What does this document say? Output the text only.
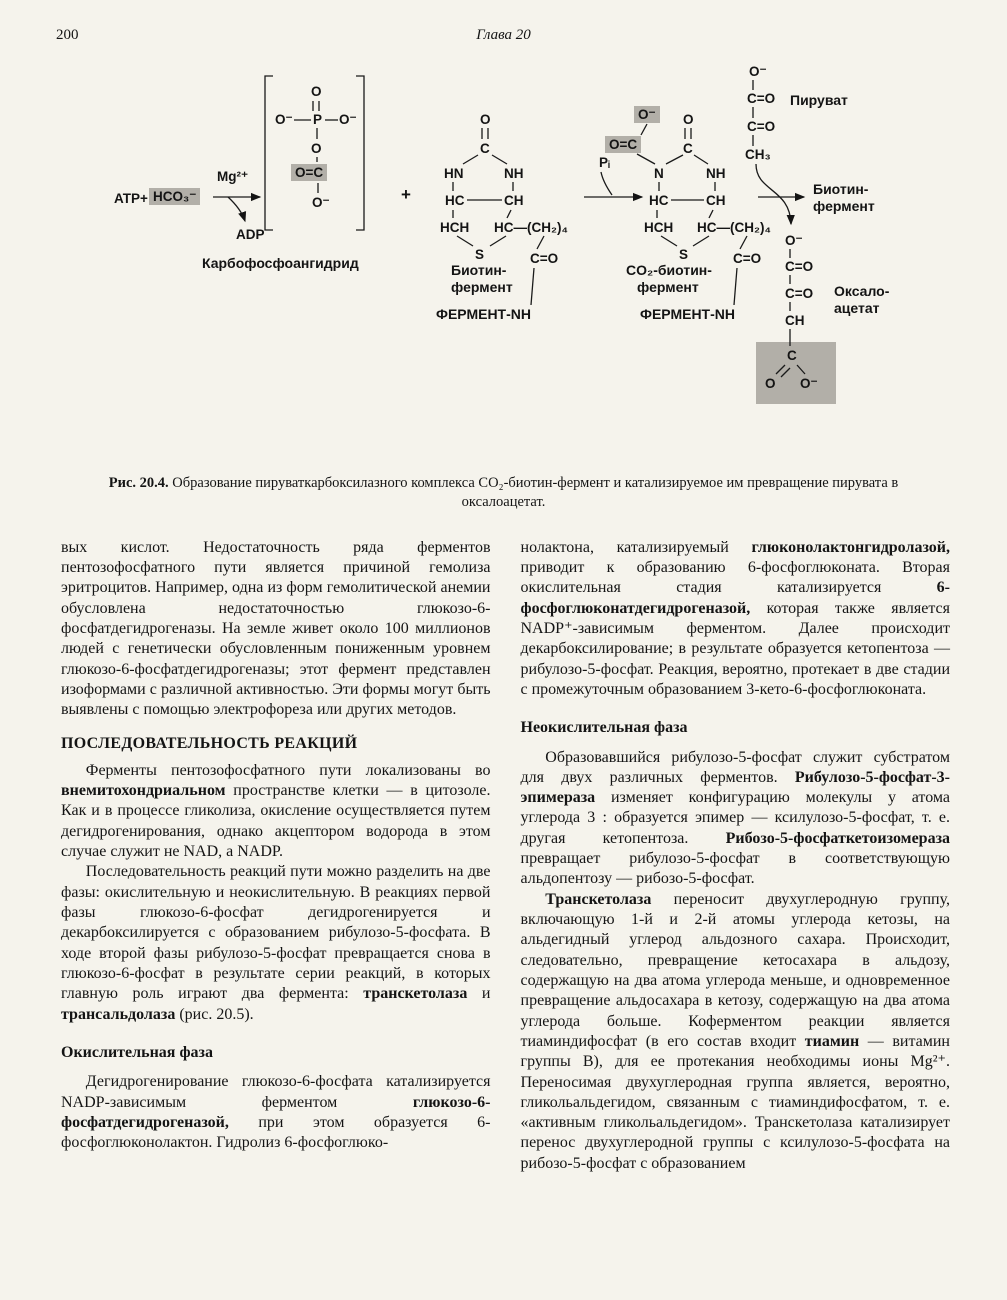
200	Глава 20
ATP+ HCO₃⁻
Mg²⁺
ADP
O
O⁻ P O⁻
O
O=C
O⁻
Карбофосфоангидрид
+
O
C
HN	NH
HC	CH
HCH HC—(CH₂)₄
S	C=O
Биотин-
фермент
ФЕРМЕНТ-NH
Pᵢ
O⁻ O
O=C	C
N	NH
HC	CH
HCH HC—(CH₂)₄
S	C=O
CO₂-биотин-
фермент
ФЕРМЕНТ-NH
O⁻
C=O Пируват
C=O
CH₃
Биотин-
фермент
O⁻
C=O
C=O Оксало-
ацетат
CH
C
O O⁻

Рис. 20.4. Образование пируваткарбоксилазного комплекса CO₂-биотин-фермент и катализируемое им превращение пирувата в оксалоацетат.

вых кислот. Недостаточность ряда ферментов пентозофосфатного пути является причиной гемолиза эритроцитов. Например, одна из форм гемолитической анемии обусловлена недостаточностью глюкозо-6-фосфатдегидрогеназы. На земле живет около 100 миллионов людей с генетически обусловленным пониженным уровнем глюкозо-6-фосфатдегидрогеназы; этот фермент представлен изоформами с различной активностью. Эти формы могут быть выявлены с помощью электрофореза или других методов.

ПОСЛЕДОВАТЕЛЬНОСТЬ РЕАКЦИЙ

Ферменты пентозофосфатного пути локализованы во внемитохондриальном пространстве клетки — в цитозоле. Как и в процессе гликолиза, окисление осуществляется путем дегидрогенирования, однако акцептором водорода в этом случае служит не NAD, а NADP.

Последовательность реакций пути можно разделить на две фазы: окислительную и неокислительную. В реакциях первой фазы глюкозо-6-фосфат дегидрогенируется и декарбоксилируется с образованием рибулозо-5-фосфата. В ходе второй фазы рибулозо-5-фосфат превращается снова в глюкозо-6-фосфат в результате серии реакций, в которых главную роль играют два фермента: транскетолаза и трансальдолаза (рис. 20.5).

Окислительная фаза

Дегидрогенирование глюкозо-6-фосфата катализируется NADP-зависимым ферментом глюкозо-6-фосфатдегидрогеназой, при этом образуется 6-фосфоглюконолактон. Гидролиз 6-фосфоглюко-

нолактона, катализируемый глюконолактонгидролазой, приводит к образованию 6-фосфоглюконата. Вторая окислительная стадия катализируется 6-фосфоглюконатдегидрогеназой, которая также является NADP⁺-зависимым ферментом. Далее происходит декарбоксилирование; в результате образуется кетопентоза — рибулозо-5-фосфат. Реакция, вероятно, протекает в две стадии с промежуточным образованием 3-кето-6-фосфоглюконата.

Неокислительная фаза

Образовавшийся рибулозо-5-фосфат служит субстратом для двух различных ферментов. Рибулозо-5-фосфат-3-эпимераза изменяет конфигурацию молекулы у атома углерода 3 : образуется эпимер — ксилулозо-5-фосфат, т. е. другая кетопентоза. Рибозо-5-фосфаткетоизомераза превращает рибулозо-5-фосфат в соответствующую альдопентозу — рибозо-5-фосфат.

Транскетолаза переносит двухуглеродную группу, включающую 1-й и 2-й атомы углерода кетозы, на альдегидный углерод альдозного сахара. Происходит, следовательно, превращение кетосахара в альдозу, содержащую на два атома углерода меньше, и одновременное превращение альдосахара в кетозу, содержащую на два атома углерода больше. Коферментом реакции является тиаминдифосфат (в его состав входит тиамин — витамин группы В), для ее протекания необходимы ионы Mg²⁺. Переносимая двухуглеродная группа является, вероятно, гликольальдегидом, связанным с тиаминдифосфатом, т. е. «активным гликольальдегидом». Транскетолаза катализирует перенос двухуглеродной группы с ксилулозо-5-фосфата на рибозо-5-фосфат с образованием
